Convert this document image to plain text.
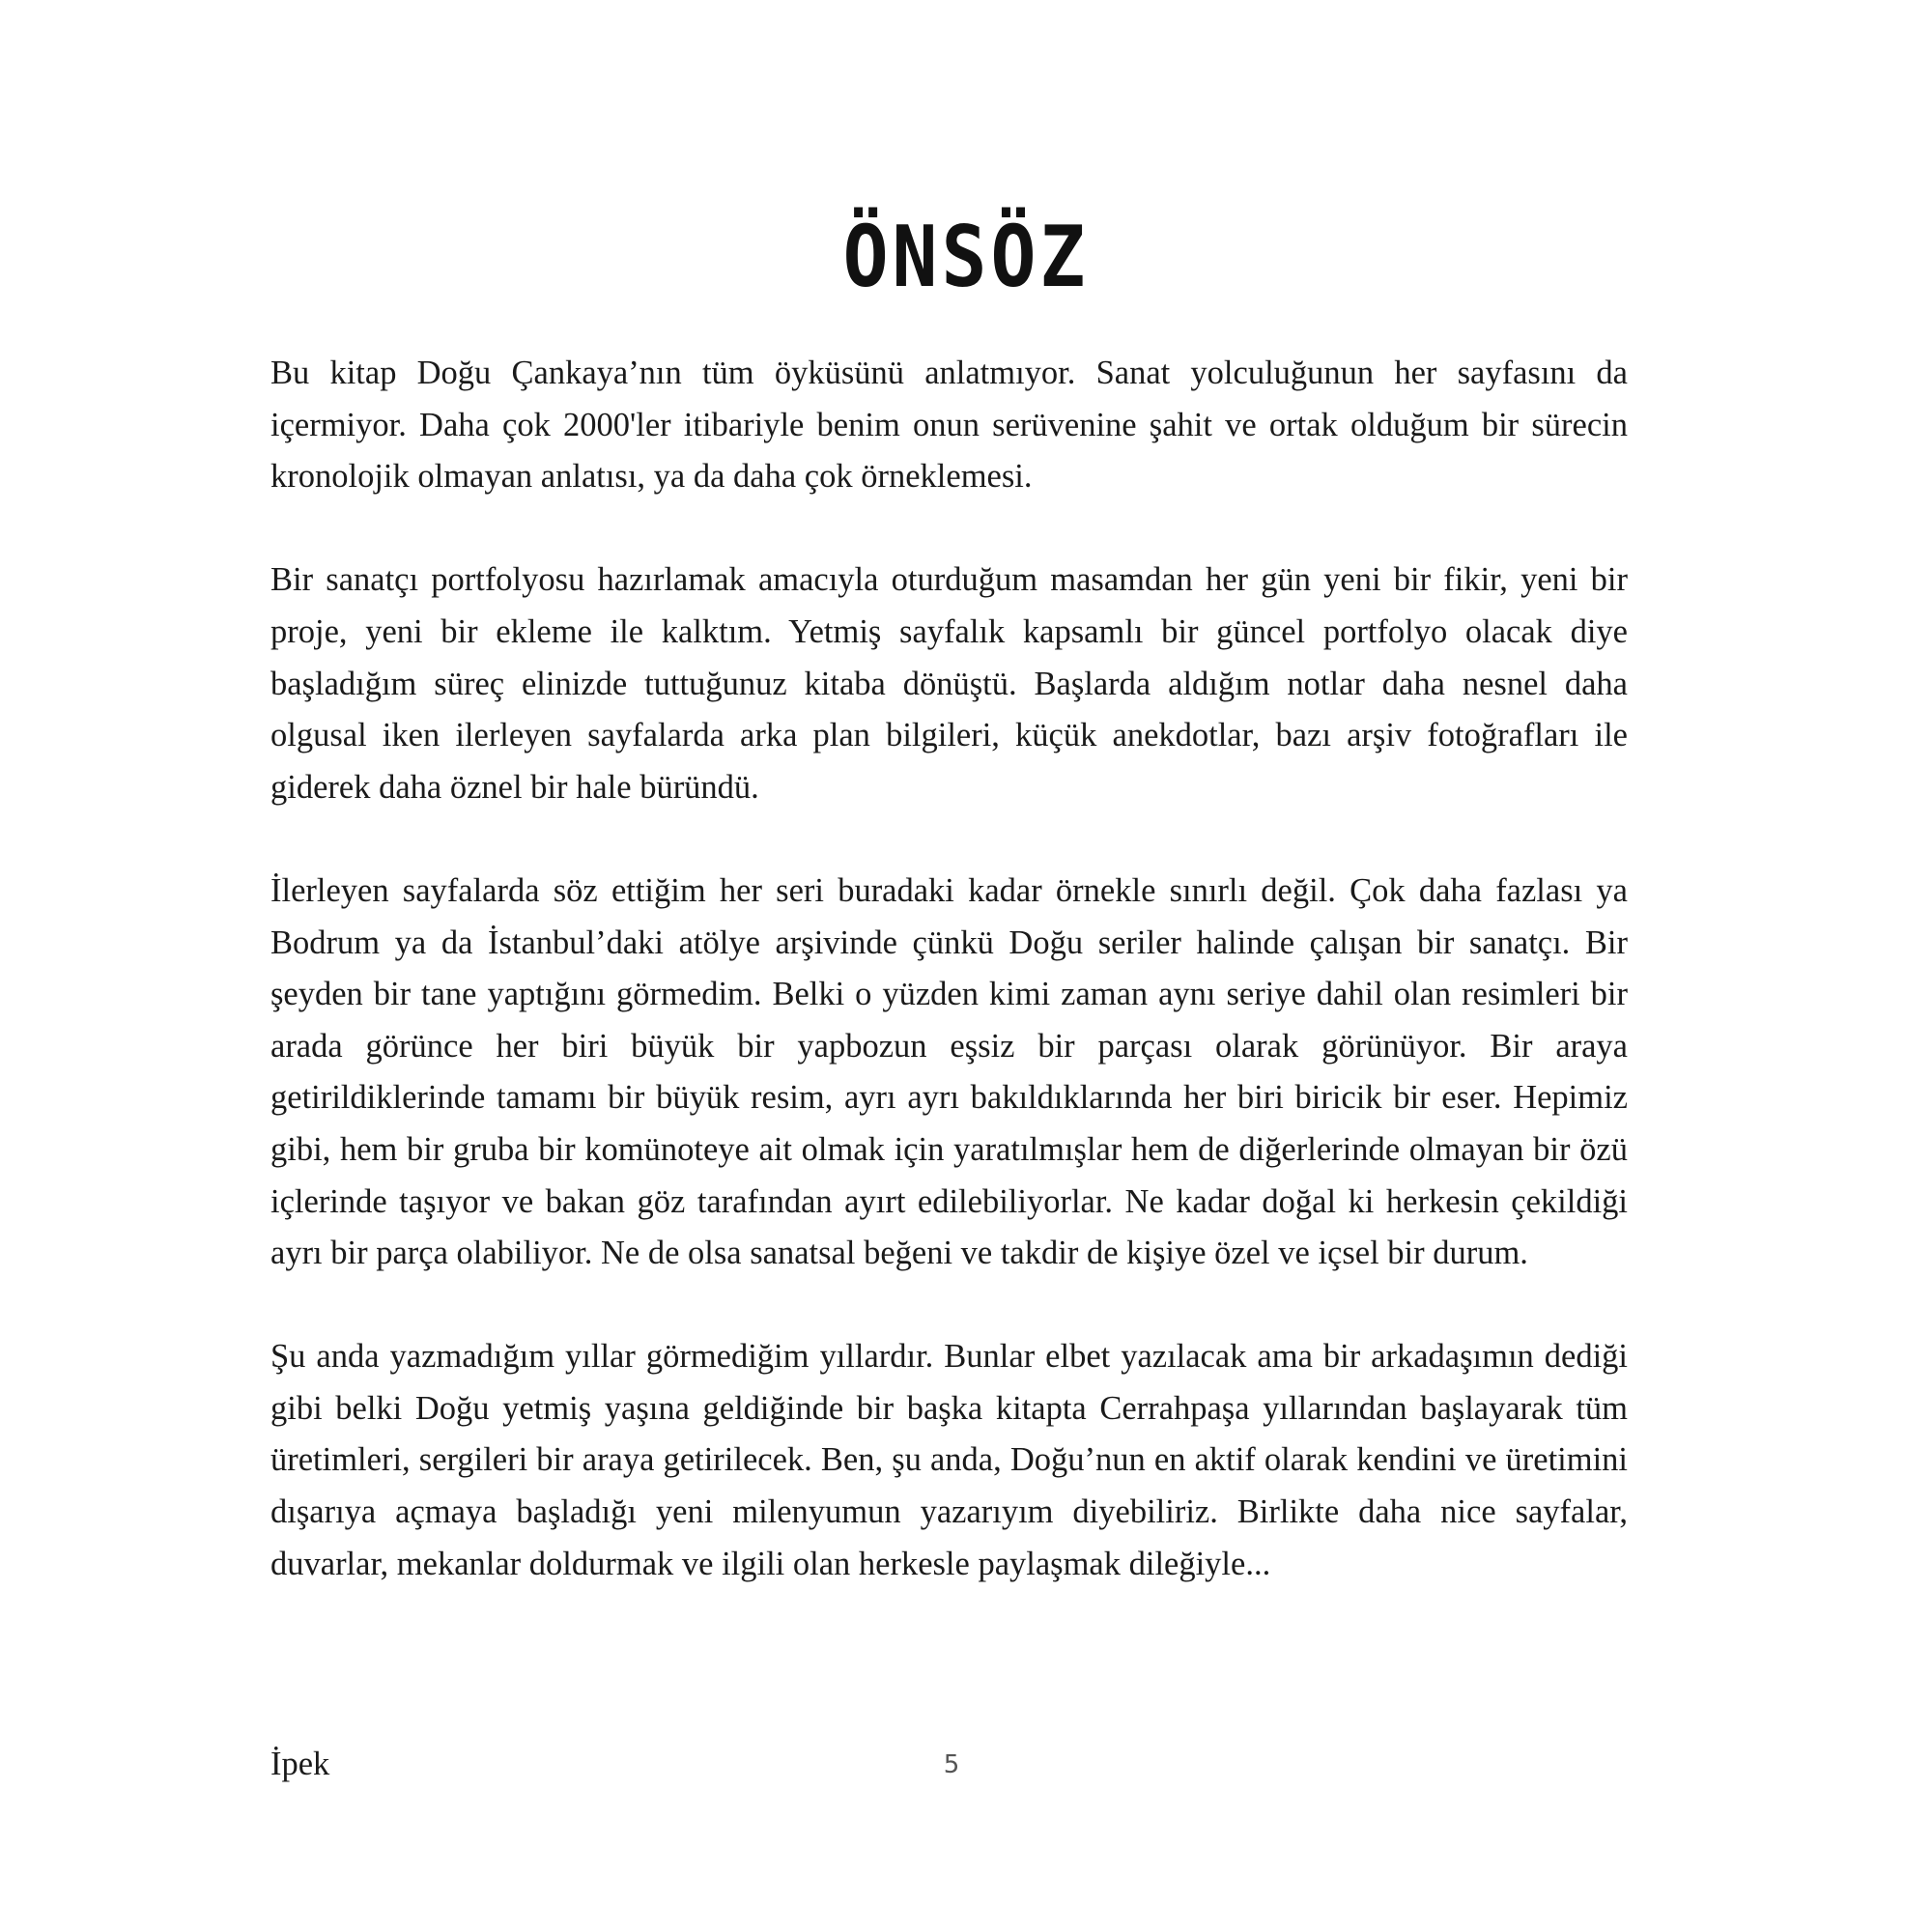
ÖNSÖZ

Bu kitap Doğu Çankaya’nın tüm öyküsünü anlatmıyor. Sanat yolculuğunun her sayfasını da içermiyor. Daha çok 2000'ler itibariyle benim onun serüvenine şahit ve ortak olduğum bir sürecin kronolojik olmayan anlatısı, ya da daha çok örneklemesi.

Bir sanatçı portfolyosu hazırlamak amacıyla oturduğum masamdan her gün yeni bir fikir, yeni bir proje, yeni bir ekleme ile kalktım. Yetmiş sayfalık kapsamlı bir güncel portfolyo olacak diye başladığım süreç elinizde tuttuğunuz kitaba dönüştü. Başlarda aldığım notlar daha nesnel daha olgusal iken ilerleyen sayfalarda arka plan bilgileri, küçük anekdotlar, bazı arşiv fotoğrafları ile giderek daha öznel bir hale büründü.

İlerleyen sayfalarda söz ettiğim her seri buradaki kadar örnekle sınırlı değil. Çok daha fazlası ya Bodrum ya da İstanbul’daki atölye arşivinde çünkü Doğu seriler halinde çalışan bir sanatçı. Bir şeyden bir tane yaptığını görmedim. Belki o yüzden kimi zaman aynı seriye dahil olan resimleri bir arada görünce her biri büyük bir yapbozun eşsiz bir parçası olarak görünüyor. Bir araya getirildiklerinde tamamı bir büyük resim, ayrı ayrı bakıldıklarında her biri biricik bir eser. Hepimiz gibi, hem bir gruba bir komünoteye ait olmak için yaratılmışlar hem de diğerlerinde olmayan bir özü içlerinde taşıyor ve bakan göz tarafından ayırt edilebiliyorlar. Ne kadar doğal ki herkesin çekildiği ayrı bir parça olabiliyor. Ne de olsa sanatsal beğeni ve takdir de kişiye özel ve içsel bir durum.

Şu anda yazmadığım yıllar görmediğim yıllardır. Bunlar elbet yazılacak ama bir arkadaşımın dediği gibi belki Doğu yetmiş yaşına geldiğinde bir başka kitapta Cerrahpaşa yıllarından başlayarak tüm üretimleri, sergileri bir araya getirilecek. Ben, şu anda, Doğu’nun en aktif olarak kendini ve üretimini dışarıya açmaya başladığı yeni milenyumun yazarıyım diyebiliriz. Birlikte daha nice sayfalar, duvarlar, mekanlar doldurmak ve ilgili olan herkesle paylaşmak dileğiyle...

İpek	5
